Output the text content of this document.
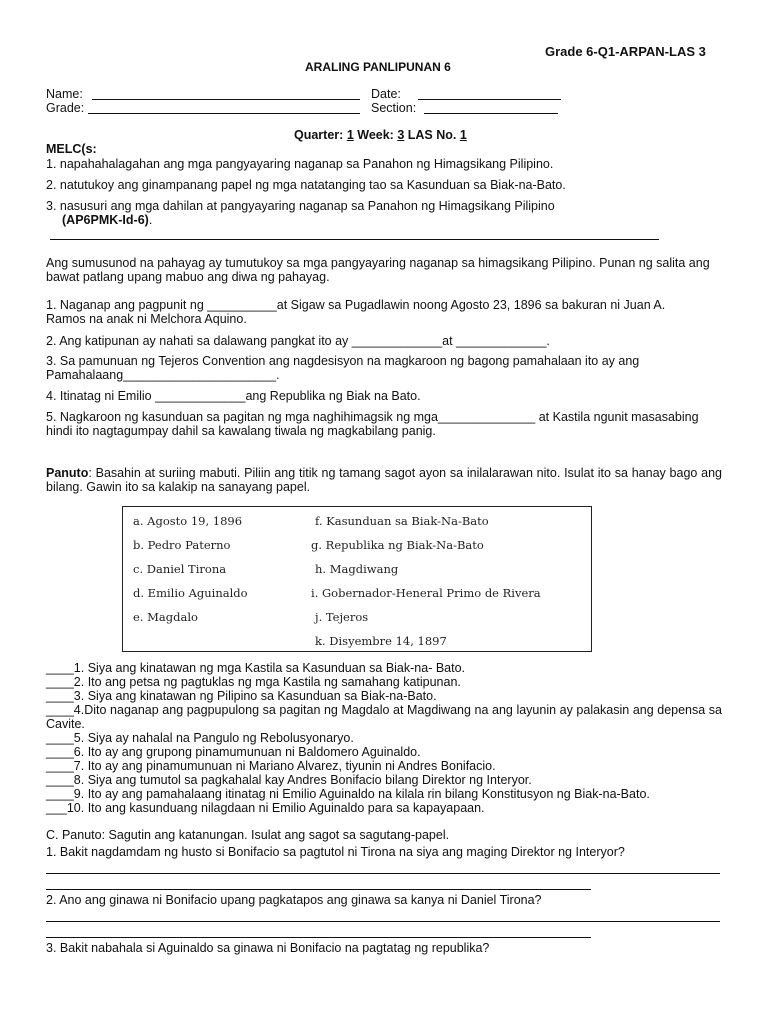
Grade 6-Q1-ARPAN-LAS 3
ARALING PANLIPUNAN 6
Name:	Date:
Grade:	Section:
Quarter: 1 Week: 3 LAS No. 1
MELC(s:
1. napahahalagahan ang mga pangyayaring naganap sa Panahon ng Himagsikang Pilipino.
2. natutukoy ang ginampanang papel ng mga natatanging tao sa Kasunduan sa Biak-na-Bato.
3. nasusuri ang mga dahilan at pangyayaring naganap sa Panahon ng Himagsikang Pilipino
(AP6PMK-Id-6).
Ang sumusunod na pahayag ay tumutukoy sa mga pangyayaring naganap sa himagsikang Pilipino. Punan ng salita ang bawat patlang upang mabuo ang diwa ng pahayag.
1. Naganap ang pagpunit ng __________at Sigaw sa Pugadlawin noong Agosto 23, 1896 sa bakuran ni Juan A. Ramos na anak ni Melchora Aquino.
2. Ang katipunan ay nahati sa dalawang pangkat ito ay _____________at _____________.
3. Sa pamunuan ng Tejeros Convention ang nagdesisyon na magkaroon ng bagong pamahalaan ito ay ang Pamahalaang______________________.
4. Itinatag ni Emilio _____________ang Republika ng Biak na Bato.
5. Nagkaroon ng kasunduan sa pagitan ng mga naghihimagsik ng mga______________ at Kastila ngunit masasabing hindi ito nagtagumpay dahil sa kawalang tiwala ng magkabilang panig.
Panuto: Basahin at suriing mabuti. Piliin ang titik ng tamang sagot ayon sa inilalarawan nito. Isulat ito sa hanay bago ang bilang. Gawin ito sa kalakip na sanayang papel.
a. Agosto 19, 1896
b. Pedro Paterno
c. Daniel Tirona
d. Emilio Aguinaldo
e. Magdalo
f. Kasunduan sa Biak-Na-Bato
g. Republika ng Biak-Na-Bato
h. Magdiwang
i. Gobernador-Heneral Primo de Rivera
j. Tejeros
k. Disyembre 14, 1897
____1. Siya ang kinatawan ng mga Kastila sa Kasunduan sa Biak-na- Bato.
____2. Ito ang petsa ng pagtuklas ng mga Kastila ng samahang katipunan.
____3. Siya ang kinatawan ng Pilipino sa Kasunduan sa Biak-na-Bato.
____4.Dito naganap ang pagpupulong sa pagitan ng Magdalo at Magdiwang na ang layunin ay palakasin ang depensa sa Cavite.
____5. Siya ay nahalal na Pangulo ng Rebolusyonaryo.
____6. Ito ay ang grupong pinamumunuan ni Baldomero Aguinaldo.
____7. Ito ay ang pinamumunuan ni Mariano Alvarez, tiyunin ni Andres Bonifacio.
____8. Siya ang tumutol sa pagkahalal kay Andres Bonifacio bilang Direktor ng Interyor.
____9. Ito ay ang pamahalaang itinatag ni Emilio Aguinaldo na kilala rin bilang Konstitusyon ng Biak-na-Bato.
___10. Ito ang kasunduang nilagdaan ni Emilio Aguinaldo para sa kapayapaan.
C. Panuto: Sagutin ang katanungan. Isulat ang sagot sa sagutang-papel.
1. Bakit nagdamdam ng husto si Bonifacio sa pagtutol ni Tirona na siya ang maging Direktor ng Interyor?
2. Ano ang ginawa ni Bonifacio upang pagkatapos ang ginawa sa kanya ni Daniel Tirona?
3. Bakit nabahala si Aguinaldo sa ginawa ni Bonifacio na pagtatag ng republika?
